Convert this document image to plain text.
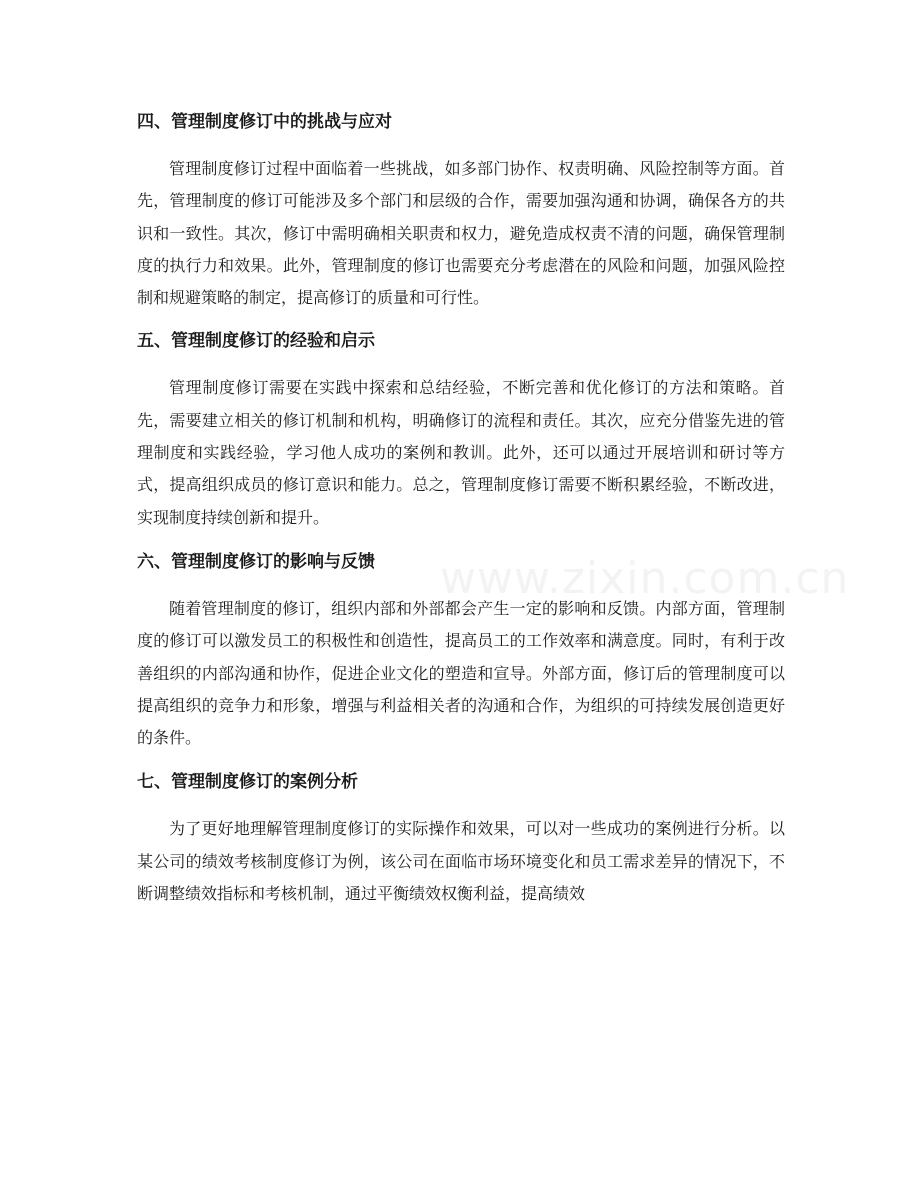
www.zixin.com.cn
四、管理制度修订中的挑战与应对

管理制度修订过程中面临着一些挑战，如多部门协作、权责明确、风险控制等方面。首先，管理制度的修订可能涉及多个部门和层级的合作，需要加强沟通和协调，确保各方的共识和一致性。其次，修订中需明确相关职责和权力，避免造成权责不清的问题，确保管理制度的执行力和效果。此外，管理制度的修订也需要充分考虑潜在的风险和问题，加强风险控制和规避策略的制定，提高修订的质量和可行性。

五、管理制度修订的经验和启示

管理制度修订需要在实践中探索和总结经验，不断完善和优化修订的方法和策略。首先，需要建立相关的修订机制和机构，明确修订的流程和责任。其次，应充分借鉴先进的管理制度和实践经验，学习他人成功的案例和教训。此外，还可以通过开展培训和研讨等方式，提高组织成员的修订意识和能力。总之，管理制度修订需要不断积累经验，不断改进，实现制度持续创新和提升。

六、管理制度修订的影响与反馈

随着管理制度的修订，组织内部和外部都会产生一定的影响和反馈。内部方面，管理制度的修订可以激发员工的积极性和创造性，提高员工的工作效率和满意度。同时，有利于改善组织的内部沟通和协作，促进企业文化的塑造和宣导。外部方面，修订后的管理制度可以提高组织的竞争力和形象，增强与利益相关者的沟通和合作，为组织的可持续发展创造更好的条件。

七、管理制度修订的案例分析

为了更好地理解管理制度修订的实际操作和效果，可以对一些成功的案例进行分析。以某公司的绩效考核制度修订为例，该公司在面临市场环境变化和员工需求差异的情况下，不断调整绩效指标和考核机制，通过平衡绩效权衡利益，提高绩效
